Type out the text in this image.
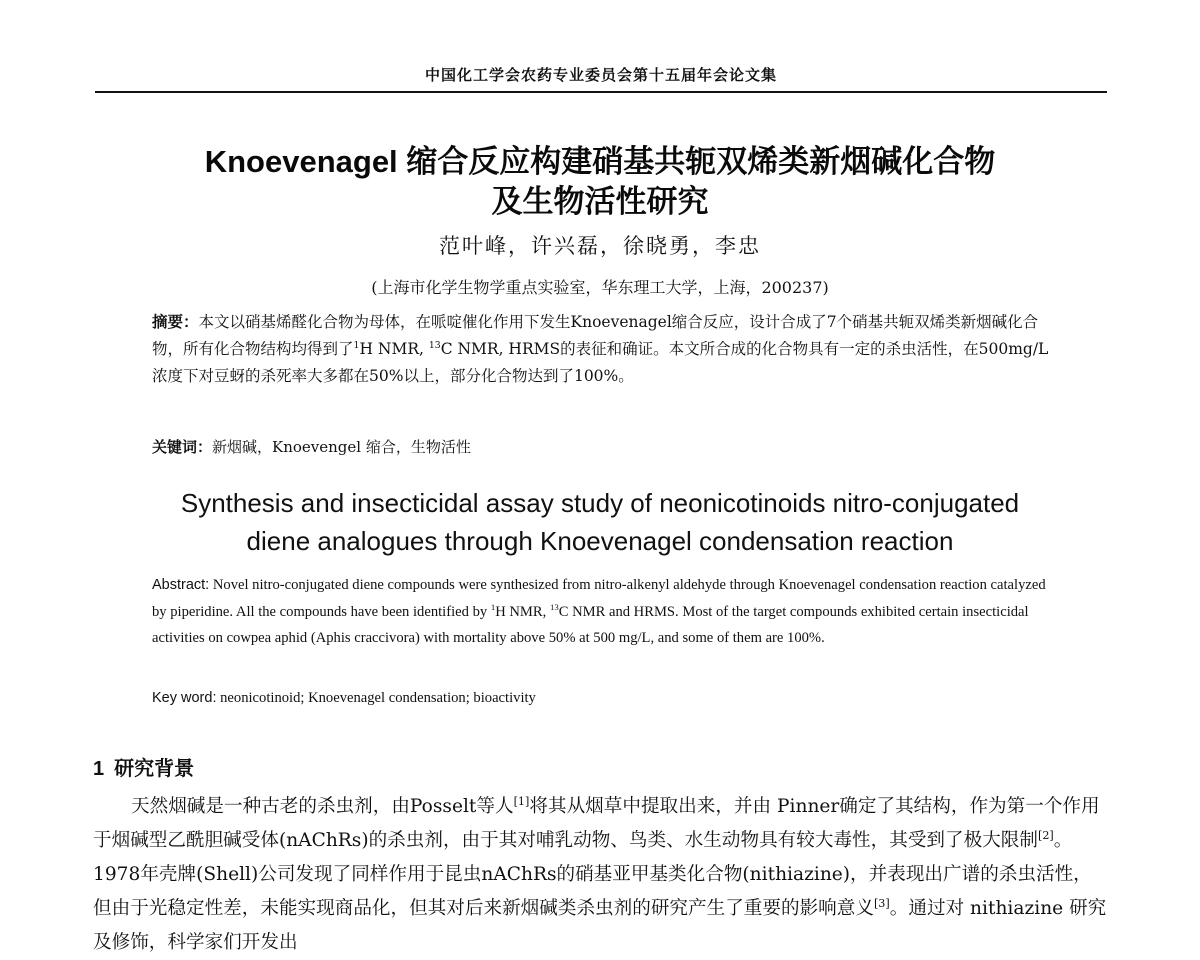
中国化工学会农药专业委员会第十五届年会论文集
Knoevenagel 缩合反应构建硝基共轭双烯类新烟碱化合物
及生物活性研究
范叶峰，许兴磊，徐晓勇，李忠
(上海市化学生物学重点实验室，华东理工大学，上海，200237)
摘要：本文以硝基烯醛化合物为母体，在哌啶催化作用下发生Knoevenagel缩合反应，设计合成了7个硝基共轭双烯类新烟碱化合物，所有化合物结构均得到了$^1$H NMR, $^{13}$C NMR, HRMS的表征和确证。本文所合成的化合物具有一定的杀虫活性，在500mg/L浓度下对豆蚜的杀死率大多都在50%以上，部分化合物达到了100%。
关键词：新烟碱，Knoevengel 缩合，生物活性
Synthesis and insecticidal assay study of neonicotinoids nitro-conjugated
diene analogues through Knoevenagel condensation reaction
Abstract: Novel nitro-conjugated diene compounds were synthesized from nitro-alkenyl aldehyde through Knoevenagel condensation reaction catalyzed by piperidine. All the compounds have been identified by $^1$H NMR, $^{13}$C NMR and HRMS. Most of the target compounds exhibited certain insecticidal activities on cowpea aphid (Aphis craccivora) with mortality above 50% at 500 mg/L, and some of them are 100%.
Key word: neonicotinoid; Knoevenagel condensation; bioactivity
1 研究背景
天然烟碱是一种古老的杀虫剂，由Posselt等人[1]将其从烟草中提取出来，并由 Pinner确定了其结构，作为第一个作用于烟碱型乙酰胆碱受体(nAChRs)的杀虫剂，由于其对哺乳动物、鸟类、水生动物具有较大毒性，其受到了极大限制[2]。1978年壳牌(Shell)公司发现了同样作用于昆虫nAChRs的硝基亚甲基类化合物(nithiazine)，并表现出广谱的杀虫活性，但由于光稳定性差，未能实现商品化，但其对后来新烟碱类杀虫剂的研究产生了重要的影响意义[3]。通过对 nithiazine 研究及修饰，科学家们开发出
